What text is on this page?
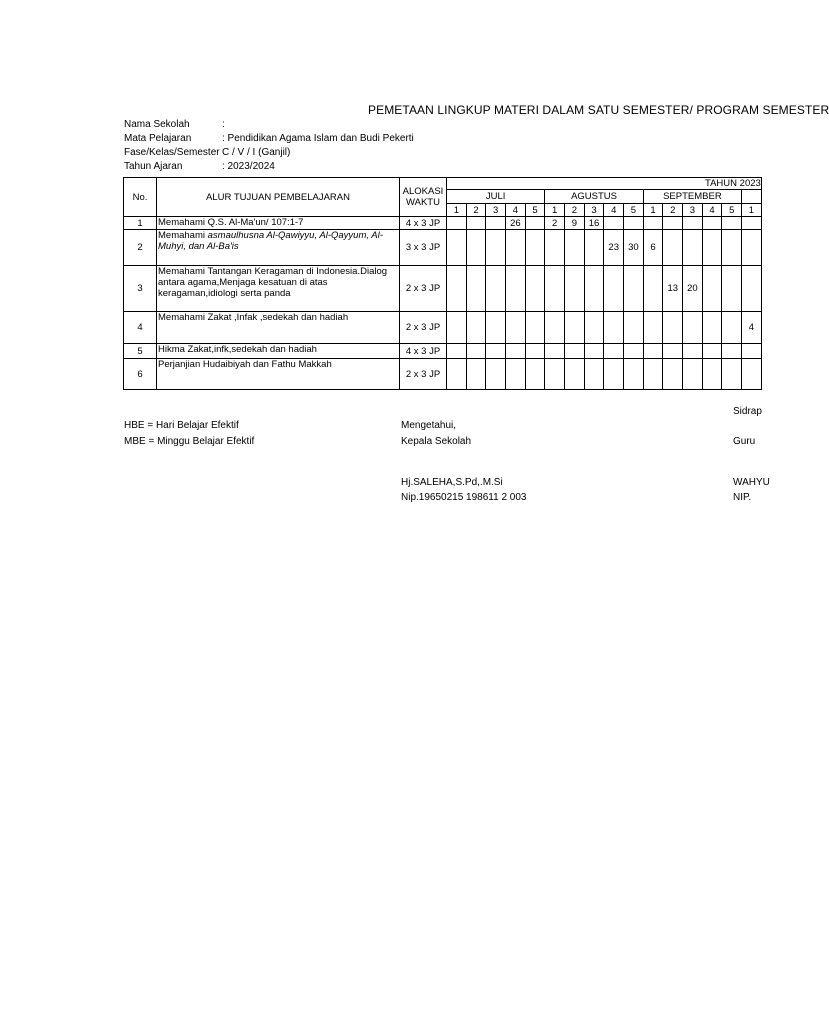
PEMETAAN LINGKUP MATERI DALAM SATU SEMESTER/ PROGRAM SEMESTER
Nama Sekolah	:
Mata Pelajaran	: Pendidikan Agama Islam dan Budi Pekerti
Fase/Kelas/Semester C / V / I (Ganjil)
Tahun Ajaran	: 2023/2024
No.	ALUR TUJUAN PEMBELAJARAN	ALOKASI WAKTU	TAHUN 2023															
			JULI					AGUSTUS					SEPTEMBER					
			1	2	3	4	5	1	2	3	4	5	1	2	3	4	5	1
1	Memahami Q.S. Al-Ma'un/ 107:1-7	4 x 3 JP				26		2	9	16								
2	Memahami asmaulhusna Al-Qawiyyu, Al-Qayyum, Al-Muhyi, dan Al-Ba'is	3 x 3 JP									23	30	6					
3	Memahami Tantangan Keragaman di Indonesia.Dialog antara agama,Menjaga kesatuan di atas keragaman,idiologi serta panda	2 x 3 JP												13	20			
4	Memahami Zakat ,Infak ,sedekah dan hadiah	2 x 3 JP																4
5	Hikma Zakat,infk,sedekah dan hadiah	4 x 3 JP																
6	Perjanjian Hudaibiyah dan Fathu Makkah	2 x 3 JP																
Sidrap
HBE = Hari Belajar Efektif	Mengetahui,
MBE = Minggu Belajar Efektif	Kepala Sekolah	Guru
Hj.SALEHA,S.Pd,.M.Si	WAHYU
Nip.19650215 198611 2 003	NIP.
